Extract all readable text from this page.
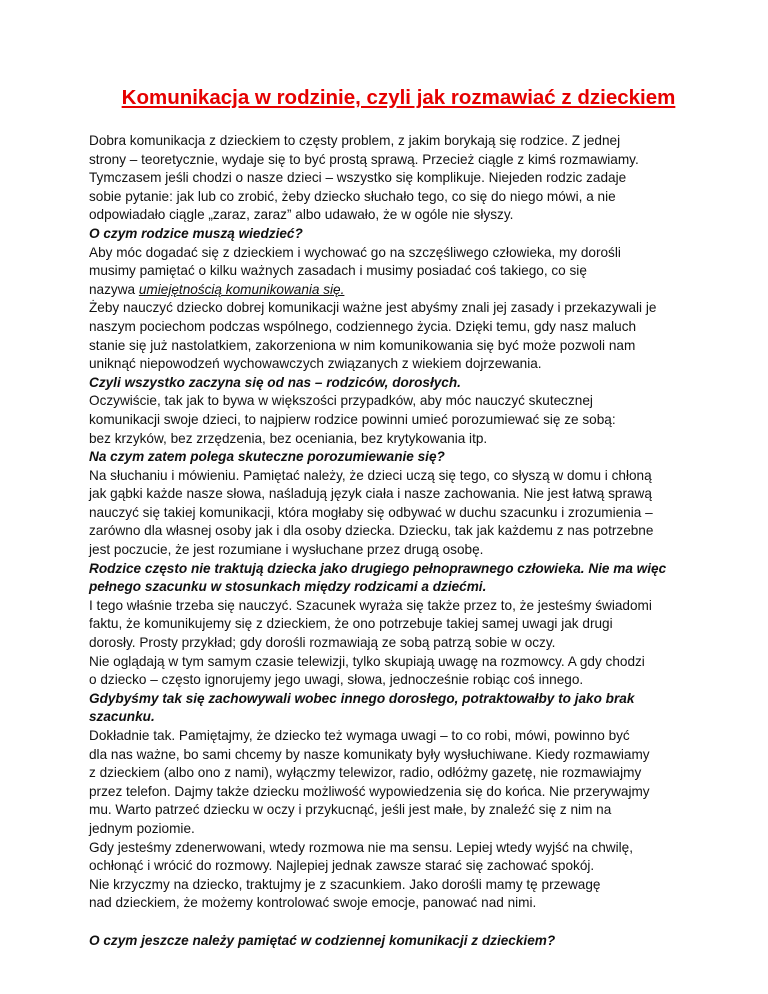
Komunikacja w rodzinie, czyli jak rozmawiać z dzieckiem
Dobra komunikacja z dzieckiem to częsty problem, z jakim borykają się rodzice. Z jednej
strony – teoretycznie, wydaje się to być prostą sprawą. Przecież ciągle z kimś rozmawiamy.
Tymczasem jeśli chodzi o nasze dzieci – wszystko się komplikuje. Niejeden rodzic zadaje
sobie pytanie: jak lub co zrobić, żeby dziecko słuchało tego, co się do niego mówi, a nie
odpowiadało ciągle „zaraz, zaraz” albo udawało, że w ogóle nie słyszy.
O czym rodzice muszą wiedzieć?
Aby móc dogadać się z dzieckiem i wychować go na szczęśliwego człowieka, my dorośli
musimy pamiętać o kilku ważnych zasadach i musimy posiadać coś takiego, co się
nazywa umiejętnością komunikowania się.
Żeby nauczyć dziecko dobrej komunikacji ważne jest abyśmy znali jej zasady i przekazywali je
naszym pociechom podczas wspólnego, codziennego życia. Dzięki temu, gdy nasz maluch
stanie się już nastolatkiem, zakorzeniona w nim komunikowania się być może pozwoli nam
uniknąć niepowodzeń wychowawczych związanych z wiekiem dojrzewania.
Czyli wszystko zaczyna się od nas – rodziców, dorosłych.
Oczywiście, tak jak to bywa w większości przypadków, aby móc nauczyć skutecznej
komunikacji swoje dzieci, to najpierw rodzice powinni umieć porozumiewać się ze sobą:
bez krzyków, bez zrzędzenia, bez oceniania, bez krytykowania itp.
Na czym zatem polega skuteczne porozumiewanie się?
Na słuchaniu i mówieniu. Pamiętać należy, że dzieci uczą się tego, co słyszą w domu i chłoną
jak gąbki każde nasze słowa, naśladują język ciała i nasze zachowania. Nie jest łatwą sprawą
nauczyć się takiej komunikacji, która mogłaby się odbywać w duchu szacunku i zrozumienia –
zarówno dla własnej osoby jak i dla osoby dziecka. Dziecku, tak jak każdemu z nas potrzebne
jest poczucie, że jest rozumiane i wysłuchane przez drugą osobę.
Rodzice często nie traktują dziecka jako drugiego pełnoprawnego człowieka. Nie ma więc
pełnego szacunku w stosunkach między rodzicami a dziećmi.
I tego właśnie trzeba się nauczyć. Szacunek wyraża się także przez to, że jesteśmy świadomi
faktu, że komunikujemy się z dzieckiem, że ono potrzebuje takiej samej uwagi jak drugi
dorosły. Prosty przykład; gdy dorośli rozmawiają ze sobą patrzą sobie w oczy.
Nie oglądają w tym samym czasie telewizji, tylko skupiają uwagę na rozmowcy. A gdy chodzi
o dziecko – często ignorujemy jego uwagi, słowa, jednocześnie robiąc coś innego.
Gdybyśmy tak się zachowywali wobec innego dorosłego, potraktowałby to jako brak
szacunku.
Dokładnie tak. Pamiętajmy, że dziecko też wymaga uwagi – to co robi, mówi, powinno być
dla nas ważne, bo sami chcemy by nasze komunikaty były wysłuchiwane. Kiedy rozmawiamy
z dzieckiem (albo ono z nami), wyłączmy telewizor, radio, odłóżmy gazetę, nie rozmawiajmy
przez telefon. Dajmy także dziecku możliwość wypowiedzenia się do końca. Nie przerywajmy
mu. Warto patrzeć dziecku w oczy i przykucnąć, jeśli jest małe, by znaleźć się z nim na
jednym poziomie.
Gdy jesteśmy zdenerwowani, wtedy rozmowa nie ma sensu. Lepiej wtedy wyjść na chwilę,
ochłonąć i wrócić do rozmowy. Najlepiej jednak zawsze starać się zachować spokój.
Nie krzyczmy na dziecko, traktujmy je z szacunkiem. Jako dorośli mamy tę przewagę
nad dzieckiem, że możemy kontrolować swoje emocje, panować nad nimi.
O czym jeszcze należy pamiętać w codziennej komunikacji z dzieckiem?
